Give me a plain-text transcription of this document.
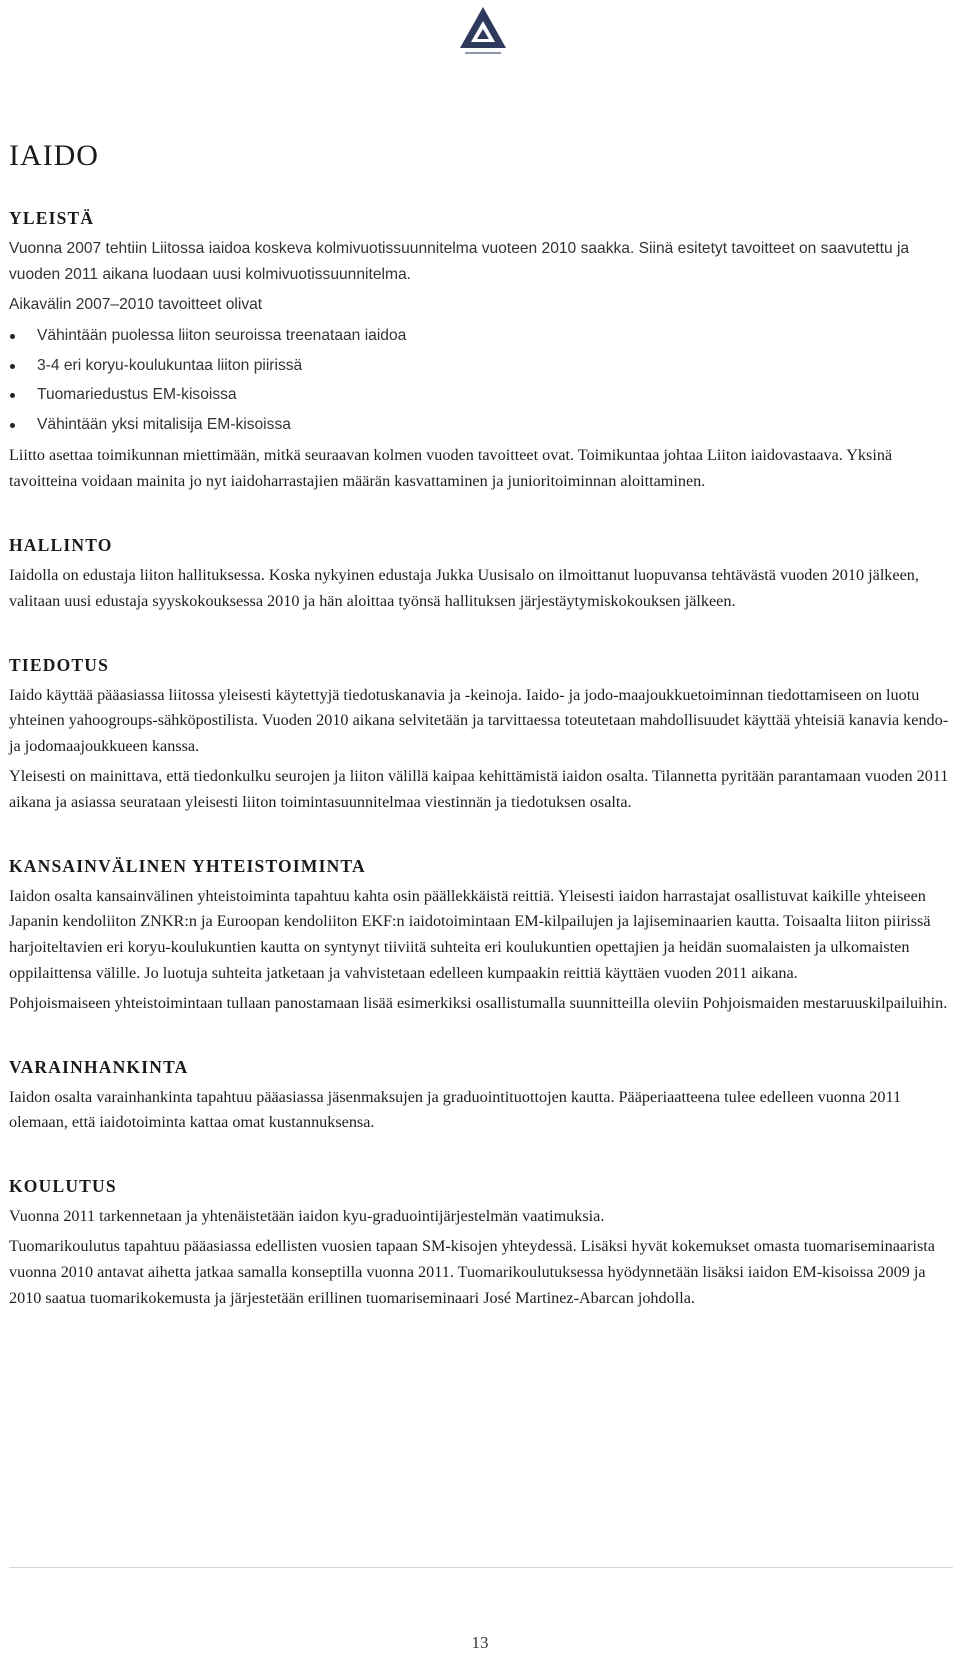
IAIDO
YLEISTÄ

Vuonna 2007 tehtiin Liitossa iaidoa koskeva kolmivuotissuunnitelma vuoteen 2010 saakka. Siinä esitetyt tavoitteet on saavutettu ja vuoden 2011 aikana luodaan uusi kolmivuotissuunnitelma.

Aikavälin 2007–2010 tavoitteet olivat

Vähintään puolessa liiton seuroissa treenataan iaidoa
3-4 eri koryu-koulukuntaa liiton piirissä
Tuomariedustus EM-kisoissa
Vähintään yksi mitalisija EM-kisoissa

Liitto asettaa toimikunnan miettimään, mitkä seuraavan kolmen vuoden tavoitteet ovat. Toimikuntaa johtaa Liiton iaidovastaava. Yksinä tavoitteina voidaan mainita jo nyt iaidoharrastajien määrän kasvattaminen ja junioritoiminnan aloittaminen.

HALLINTO

Iaidolla on edustaja liiton hallituksessa. Koska nykyinen edustaja Jukka Uusisalo on ilmoittanut luopuvansa tehtävästä vuoden 2010 jälkeen, valitaan uusi edustaja syyskokouksessa 2010 ja hän aloittaa työnsä hallituksen järjestäytymiskokouksen jälkeen.

TIEDOTUS

Iaido käyttää pääasiassa liitossa yleisesti käytettyjä tiedotuskanavia ja -keinoja. Iaido- ja jodo-maajoukkuetoiminnan tiedottamiseen on luotu yhteinen yahoogroups-sähköpostilista. Vuoden 2010 aikana selvitetään ja tarvittaessa toteutetaan mahdollisuudet käyttää yhteisiä kanavia kendo- ja jodomaajoukkueen kanssa.

Yleisesti on mainittava, että tiedonkulku seurojen ja liiton välillä kaipaa kehittämistä iaidon osalta. Tilannetta pyritään parantamaan vuoden 2011 aikana ja asiassa seurataan yleisesti liiton toimintasuunnitelmaa viestinnän ja tiedotuksen osalta.

KANSAINVÄLINEN YHTEISTOIMINTA

Iaidon osalta kansainvälinen yhteistoiminta tapahtuu kahta osin päällekkäistä reittiä. Yleisesti iaidon harrastajat osallistuvat kaikille yhteiseen Japanin kendoliiton ZNKR:n ja Euroopan kendoliiton EKF:n iaidotoimintaan EM-kilpailujen ja lajiseminaarien kautta. Toisaalta liiton piirissä harjoiteltavien eri koryu-koulukuntien kautta on syntynyt tiiviitä suhteita eri koulukuntien opettajien ja heidän suomalaisten ja ulkomaisten oppilaittensa välille. Jo luotuja suhteita jatketaan ja vahvistetaan edelleen kumpaakin reittiä käyttäen vuoden 2011 aikana.

Pohjoismaiseen yhteistoimintaan tullaan panostamaan lisää esimerkiksi osallistumalla suunnitteilla oleviin Pohjoismaiden mestaruuskilpailuihin.

VARAINHANKINTA

Iaidon osalta varainhankinta tapahtuu pääasiassa jäsenmaksujen ja graduointituottojen kautta. Pääperiaatteena tulee edelleen vuonna 2011 olemaan, että iaidotoiminta kattaa omat kustannuksensa.

KOULUTUS

Vuonna 2011 tarkennetaan ja yhtenäistetään iaidon kyu-graduointijärjestelmän vaatimuksia.

Tuomarikoulutus tapahtuu pääasiassa edellisten vuosien tapaan SM-kisojen yhteydessä. Lisäksi hyvät kokemukset omasta tuomariseminaarista vuonna 2010 antavat aihetta jatkaa samalla konseptilla vuonna 2011. Tuomarikoulutuksessa hyödynnetään lisäksi iaidon EM-kisoissa 2009 ja 2010 saatua tuomarikokemusta ja järjestetään erillinen tuomariseminaari José Martinez-Abarcan johdolla.

13
